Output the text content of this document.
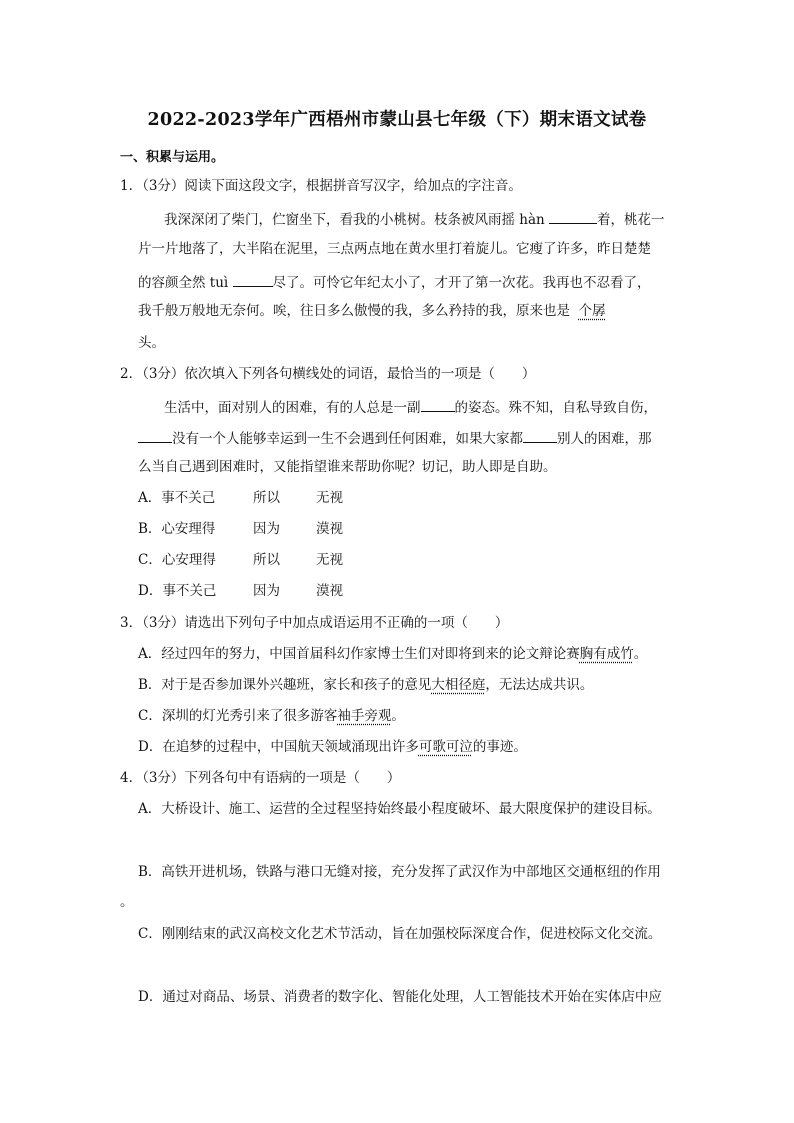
2022-2023学年广西梧州市蒙山县七年级（下）期末语文试卷
一、积累与运用。
1．（3分）阅读下面这段文字，根据拼音写汉字，给加点的字注音。
我深深闭了柴门，伫窗坐下，看我的小桃树。枝条被风雨摇 hàn	着，桃花一
片一片地落了，大半陷在泥里，三点两点地在黄水里打着旋儿。它瘦了许多，昨日楚楚
的容颜全然 tuì	尽了。可怜它年纪太小了，才开了第一次花。我再也不忍看了，
我千般万般地无奈何。唉，往日多么傲慢的我，多么矜持的我，原来也是 个孱
头。
2．（3分）依次填入下列各句横线处的词语，最恰当的一项是（　　）
生活中，面对别人的困难，有的人总是一副	的姿态。殊不知，自私导致自伤，
没有一个人能够幸运到一生不会遇到任何困难，如果大家都	别人的困难，那
么当自己遇到困难时，又能指望谁来帮助你呢？切记，助人即是自助。
A．事不关己	所以	无视
B．心安理得	因为	漠视
C．心安理得	所以	无视
D．事不关己	因为	漠视
3．（3分）请选出下列句子中加点成语运用不正确的一项（　　）
A．经过四年的努力，中国首届科幻作家博士生们对即将到来的论文辩论赛胸有成竹。
B．对于是否参加课外兴趣班，家长和孩子的意见大相径庭，无法达成共识。
C．深圳的灯光秀引来了很多游客袖手旁观。
D．在追梦的过程中，中国航天领域涌现出许多可歌可泣的事迹。
4．（3分）下列各句中有语病的一项是（　　）
A．大桥设计、施工、运营的全过程坚持始终最小程度破坏、最大限度保护的建设目标。
B．高铁开进机场，铁路与港口无缝对接，充分发挥了武汉作为中部地区交通枢纽的作用
。
C．刚刚结束的武汉高校文化艺术节活动，旨在加强校际深度合作，促进校际文化交流。
D．通过对商品、场景、消费者的数字化、智能化处理，人工智能技术开始在实体店中应
